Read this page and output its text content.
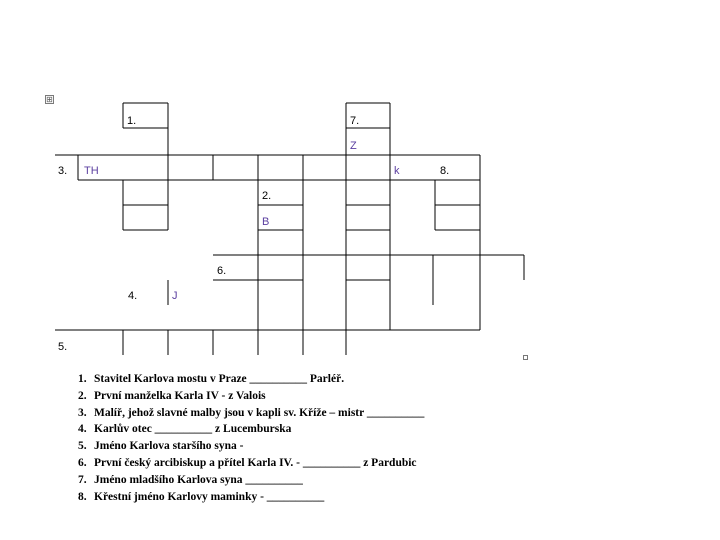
⊞
1.	7.
3.	8.
2.
6.
4.
5.
Z
TH	k
B
J
1. Stavitel Karlova mostu v Praze __________ Parléř.
2. První manželka Karla IV - z Valois
3. Malíř, jehož slavné malby jsou v kapli sv. Kříže – mistr __________
4. Karlův otec __________ z Lucemburska
5. Jméno Karlova staršího syna -
6. První český arcibiskup a přítel Karla IV. - __________ z Pardubic
7. Jméno mladšího Karlova syna __________
8. Křestní jméno Karlovy maminky - __________
